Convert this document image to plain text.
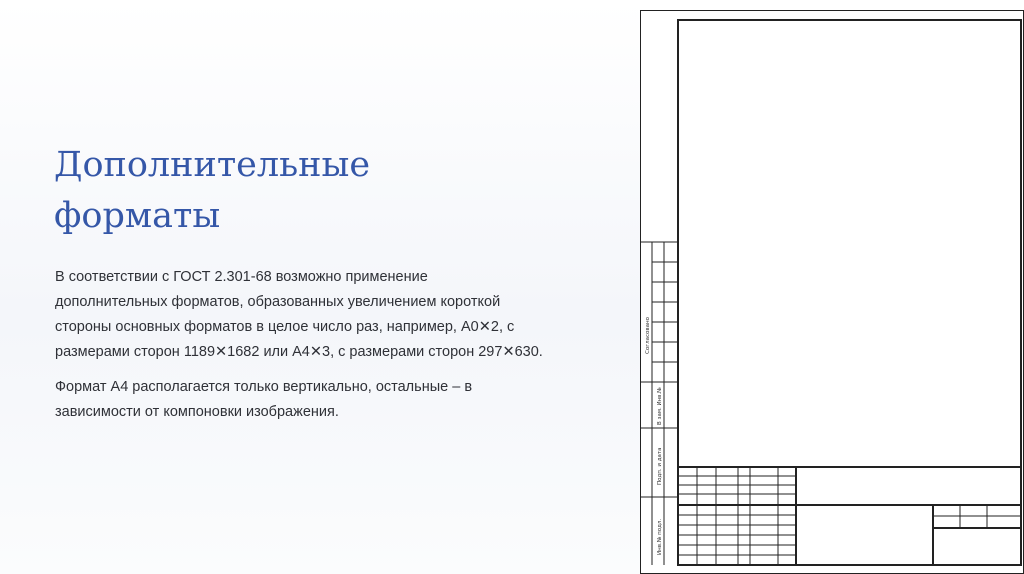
Дополнительные
форматы

В соответствии с ГОСТ 2.301-68 возможно применение
дополнительных форматов, образованных увеличением короткой
стороны основных форматов в целое число раз, например, А0✕2, с
размерами сторон 1189✕1682 или А4✕3, с размерами сторон 297✕630.

Формат А4 располагается только вертикально, остальные – в
зависимости от компоновки изображения.

Согласовано
В зам. Инв.№
Подп. и дата
Инв.№ подл.
